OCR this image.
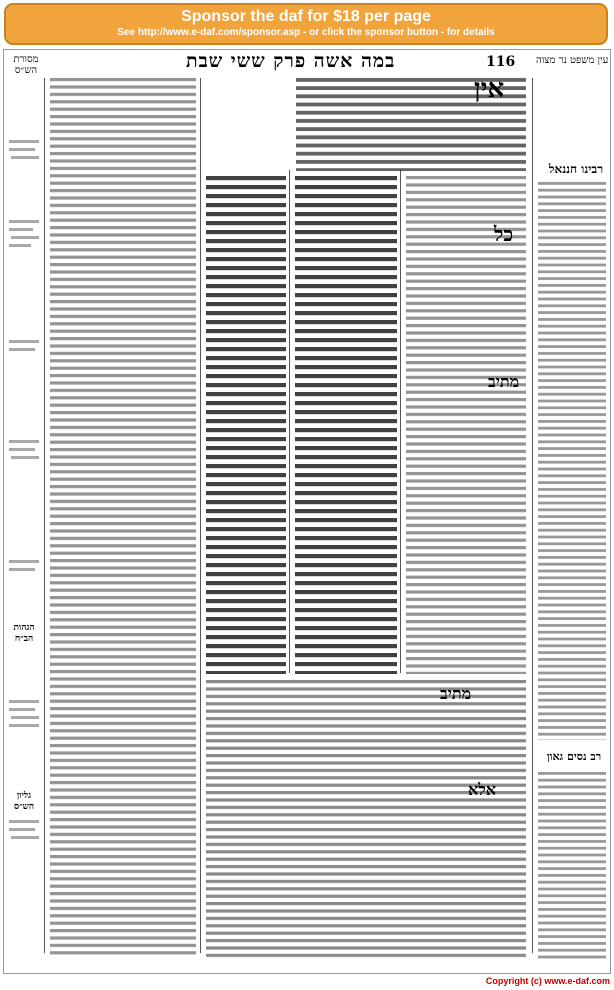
Sponsor the daf for $18 per page
See http://www.e-daf.com/sponsor.asp - or click the sponsor button - for details
מסורת הש״ס	במה אשה פרק ששי שבת	116 עין משפט נר מצוה
רבינו חננאל
רב נסים גאון
הגהות הב״ח
גליון הש״ס
אין
כל
מתיב
מתיב
אלא
Copyright (c) www.e-daf.com
